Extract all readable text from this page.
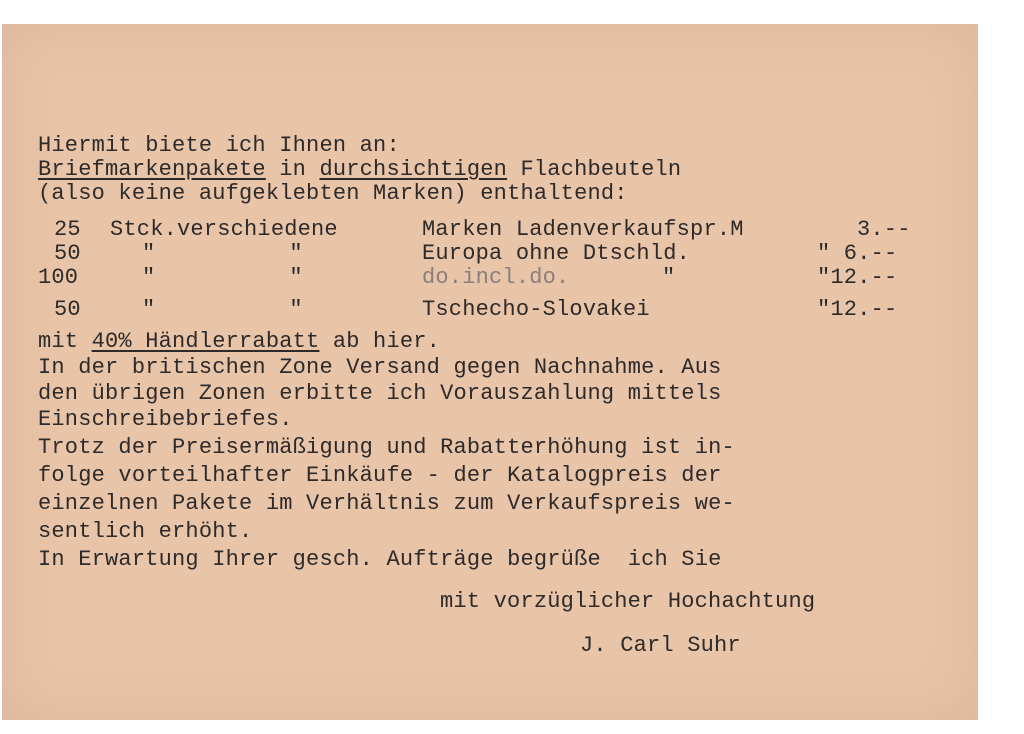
Hiermit biete ich Ihnen an:
Briefmarkenpakete in durchsichtigen Flachbeuteln
(also keine aufgeklebten Marken) enthaltend:
25 Stck.verschiedene	Marken Ladenverkaufspr.M	3.--
50	"          "	Europa ohne Dtschld.	" 6.--
100	"          "	do.incl.do.	"	"12.--
50	"          "	Tschecho-Slovakei	"12.--
mit 40% Händlerrabatt ab hier.
In der britischen Zone Versand gegen Nachnahme. Aus
den übrigen Zonen erbitte ich Vorauszahlung mittels
Einschreibebriefes.
Trotz der Preisermäßigung und Rabatterhöhung ist in-
folge vorteilhafter Einkäufe - der Katalogpreis der
einzelnen Pakete im Verhältnis zum Verkaufspreis we-
sentlich erhöht.
In Erwartung Ihrer gesch. Aufträge begrüße  ich Sie
mit vorzüglicher Hochachtung
J. Carl Suhr
